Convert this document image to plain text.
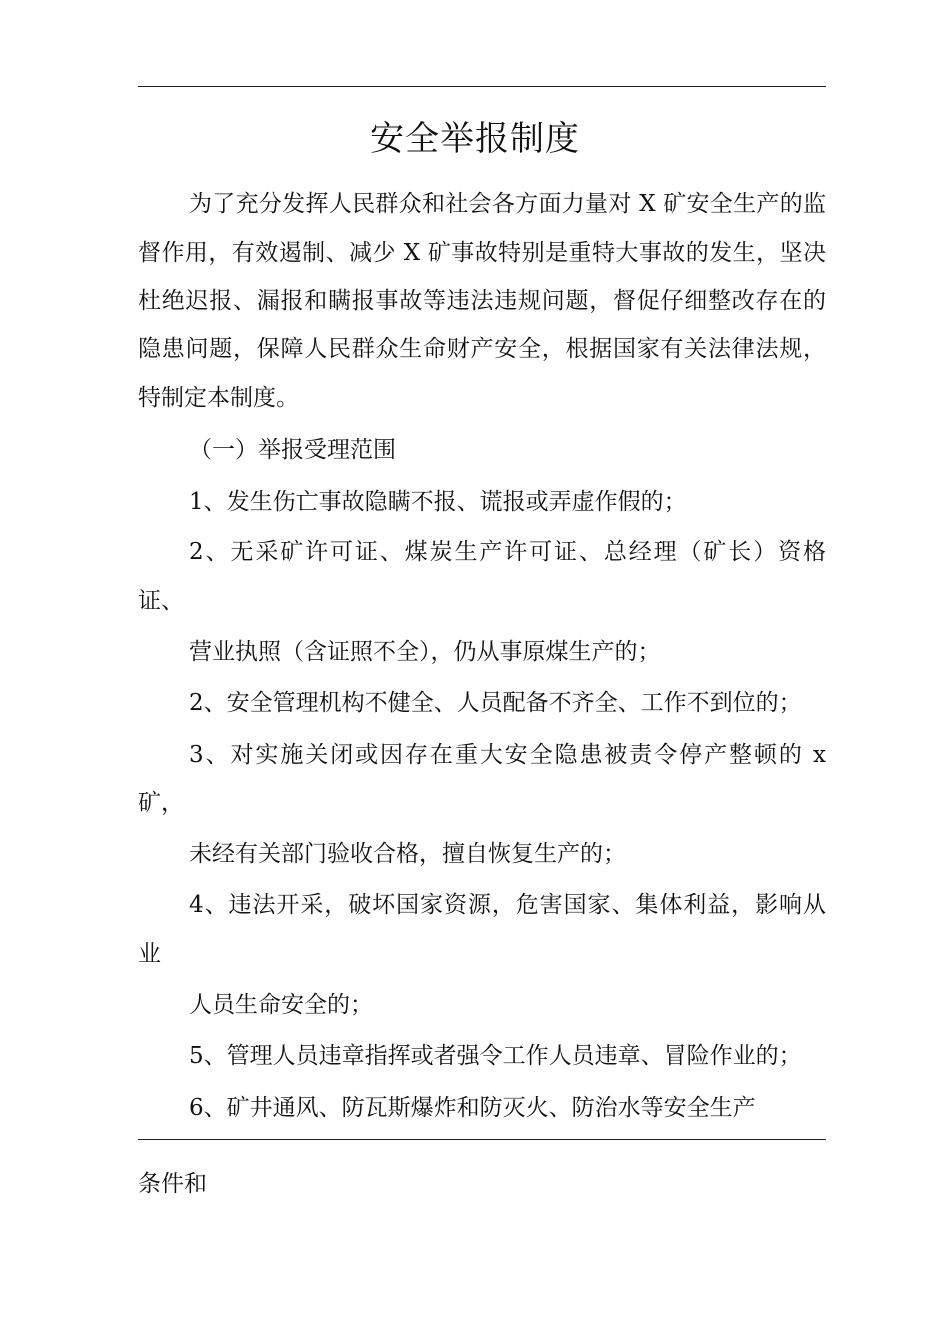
安全举报制度
为了充分发挥人民群众和社会各方面力量对 X 矿安全生产的监
督作用，有效遏制、减少 X 矿事故特别是重特大事故的发生，坚决
杜绝迟报、漏报和瞒报事故等违法违规问题，督促仔细整改存在的
隐患问题，保障人民群众生命财产安全，根据国家有关法律法规，
特制定本制度。
（一）举报受理范围
1、发生伤亡事故隐瞒不报、谎报或弄虚作假的；
2、无采矿许可证、煤炭生产许可证、总经理（矿长）资格
证、
营业执照（含证照不全），仍从事原煤生产的；
2、安全管理机构不健全、人员配备不齐全、工作不到位的；
3、对实施关闭或因存在重大安全隐患被责令停产整顿的 x
矿，
未经有关部门验收合格，擅自恢复生产的；
4、违法开采，破坏国家资源，危害国家、集体利益，影响从
业
人员生命安全的；
5、管理人员违章指挥或者强令工作人员违章、冒险作业的；
6、矿井通风、防瓦斯爆炸和防灭火、防治水等安全生产
条件和
